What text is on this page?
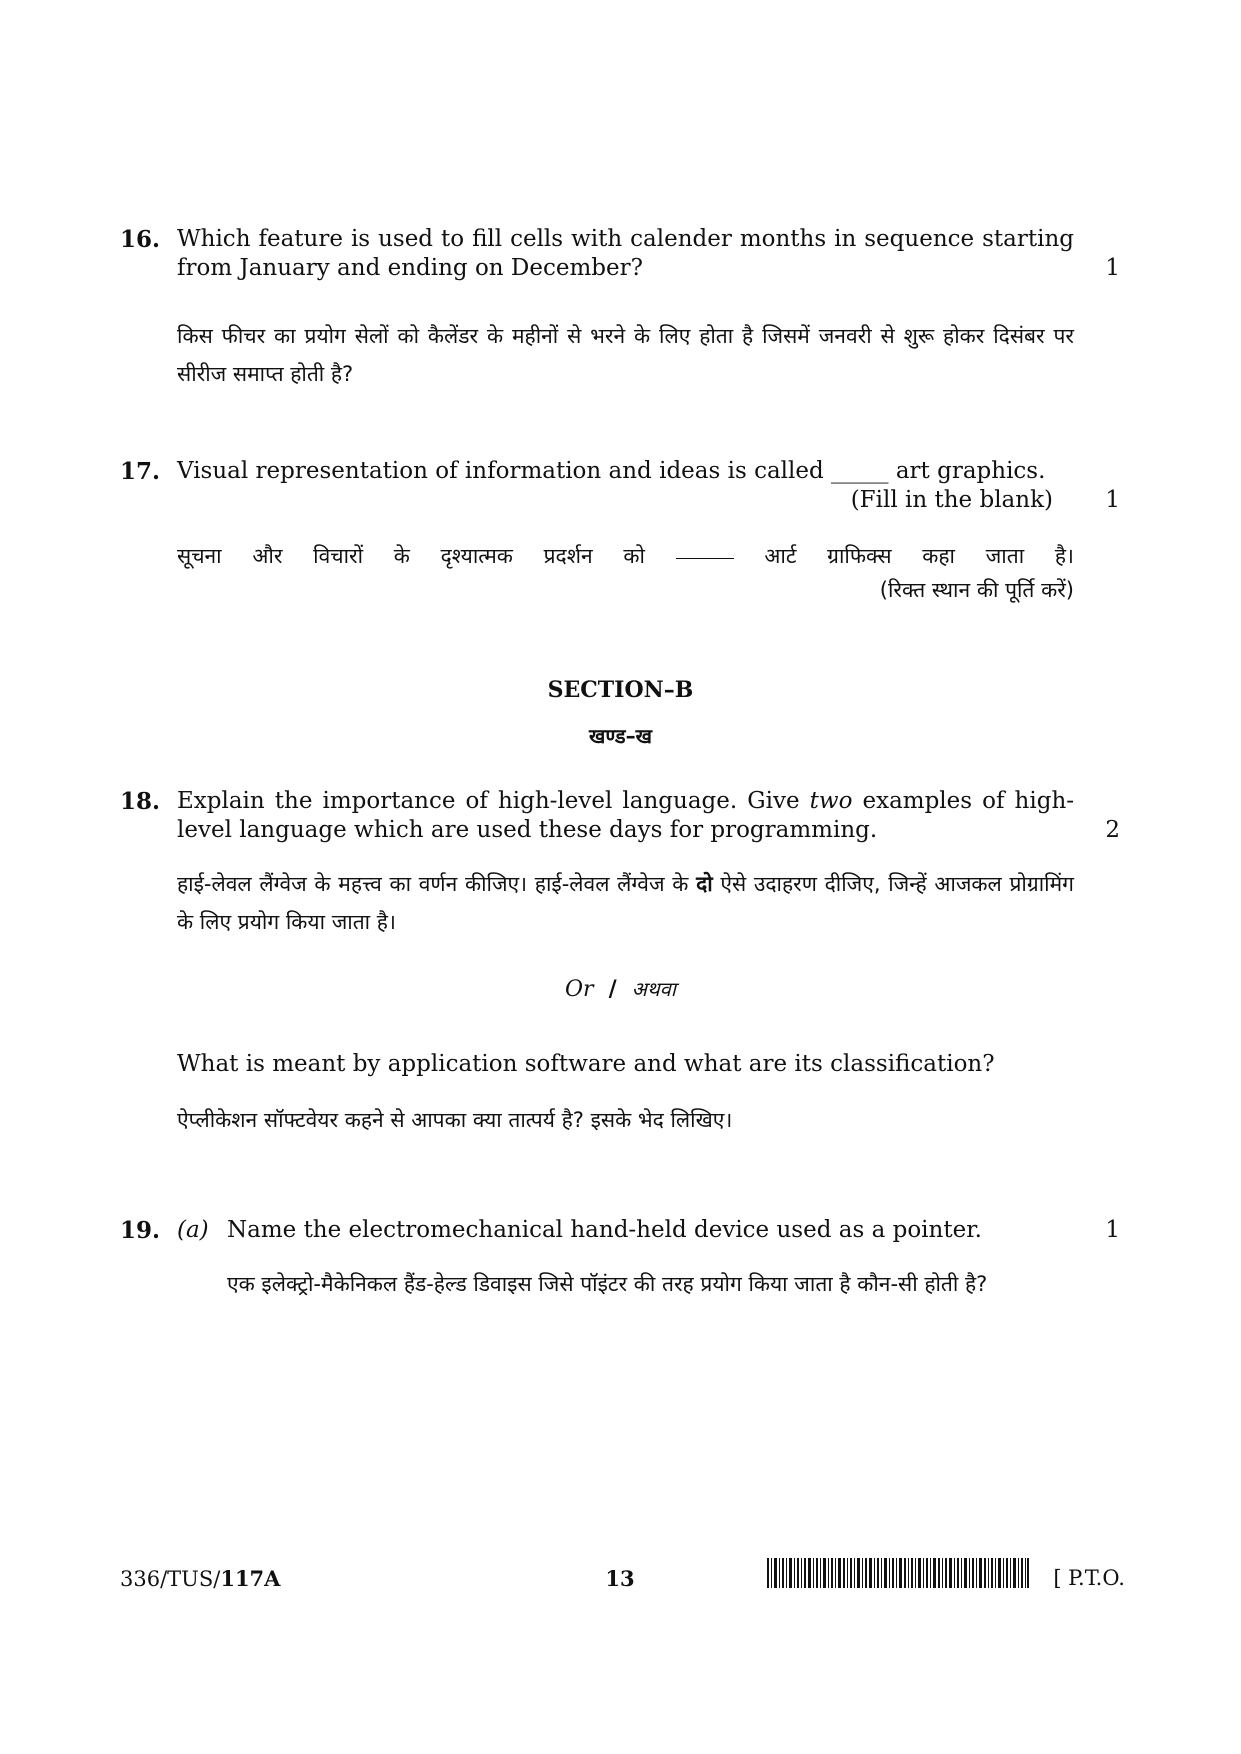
16. Which feature is used to fill cells with calender months in sequence starting from January and ending on December?

किस फीचर का प्रयोग सेलों को कैलेंडर के महीनों से भरने के लिए होता है जिसमें जनवरी से शुरू होकर दिसंबर पर सीरीज समाप्त होती है?

1
17. Visual representation of information and ideas is called _____ art graphics.

(Fill in the blank)

सूचना और विचारों के दृश्यात्मक प्रदर्शन को	आर्ट ग्राफिक्स कहा जाता है।

(रिक्त स्थान की पूर्ति करें)

1
SECTION–B
खण्ड–ख
18. Explain the importance of high-level language. Give two examples of high-level language which are used these days for programming.

हाई-लेवल लैंग्वेज के महत्त्व का वर्णन कीजिए। हाई-लेवल लैंग्वेज के दो ऐसे उदाहरण दीजिए, जिन्हें आजकल प्रोग्रामिंग के लिए प्रयोग किया जाता है।

2
Or / अथवा

What is meant by application software and what are its classification?

ऐप्लीकेशन सॉफ्टवेयर कहने से आपका क्या तात्पर्य है? इसके भेद लिखिए।

19. (a) Name the electromechanical hand-held device used as a pointer.

एक इलेक्ट्रो-मैकेनिकल हैंड-हेल्ड डिवाइस जिसे पॉइंटर की तरह प्रयोग किया जाता है कौन-सी होती है?

1
336/TUS/117A	13	[ P.T.O.
